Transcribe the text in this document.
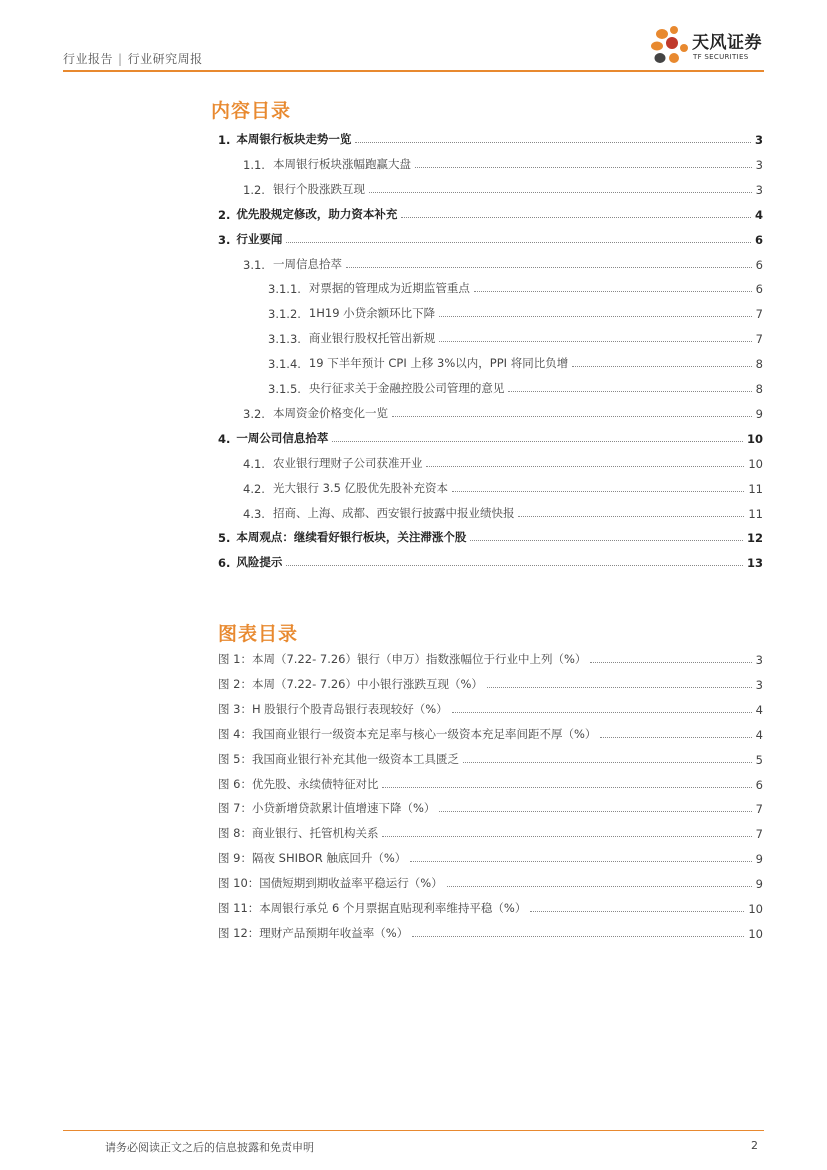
行业报告 | 行业研究周报
天风证券
TF SECURITIES
内容目录
1. 本周银行板块走势一览	3
1.1. 本周银行板块涨幅跑赢大盘	3
1.2. 银行个股涨跌互现	3
2. 优先股规定修改，助力资本补充	4
3. 行业要闻	6
3.1. 一周信息拾萃	6
3.1.1. 对票据的管理成为近期监管重点	6
3.1.2. 1H19 小贷余额环比下降	7
3.1.3. 商业银行股权托管出新规	7
3.1.4. 19 下半年预计 CPI 上移 3%以内，PPI 将同比负增	8
3.1.5. 央行征求关于金融控股公司管理的意见	8
3.2. 本周资金价格变化一览	9
4. 一周公司信息拾萃	10
4.1. 农业银行理财子公司获准开业	10
4.2. 光大银行 3.5 亿股优先股补充资本	11
4.3. 招商、上海、成都、西安银行披露中报业绩快报	11
5. 本周观点：继续看好银行板块，关注滞涨个股	12
6. 风险提示	13
图表目录
图 1： 本周（7.22- 7.26）银行（申万）指数涨幅位于行业中上列（%）	3
图 2： 本周（7.22- 7.26）中小银行涨跌互现（%）	3
图 3： H 股银行个股青岛银行表现较好（%）	4
图 4： 我国商业银行一级资本充足率与核心一级资本充足率间距不厚（%）	4
图 5： 我国商业银行补充其他一级资本工具匮乏	5
图 6： 优先股、永续债特征对比	6
图 7： 小贷新增贷款累计值增速下降（%）	7
图 8： 商业银行、托管机构关系	7
图 9： 隔夜 SHIBOR 触底回升（%）	9
图 10： 国债短期到期收益率平稳运行（%）	9
图 11： 本周银行承兑 6 个月票据直贴现利率维持平稳（%）	10
图 12： 理财产品预期年收益率（%）	10
请务必阅读正文之后的信息披露和免责申明	2
